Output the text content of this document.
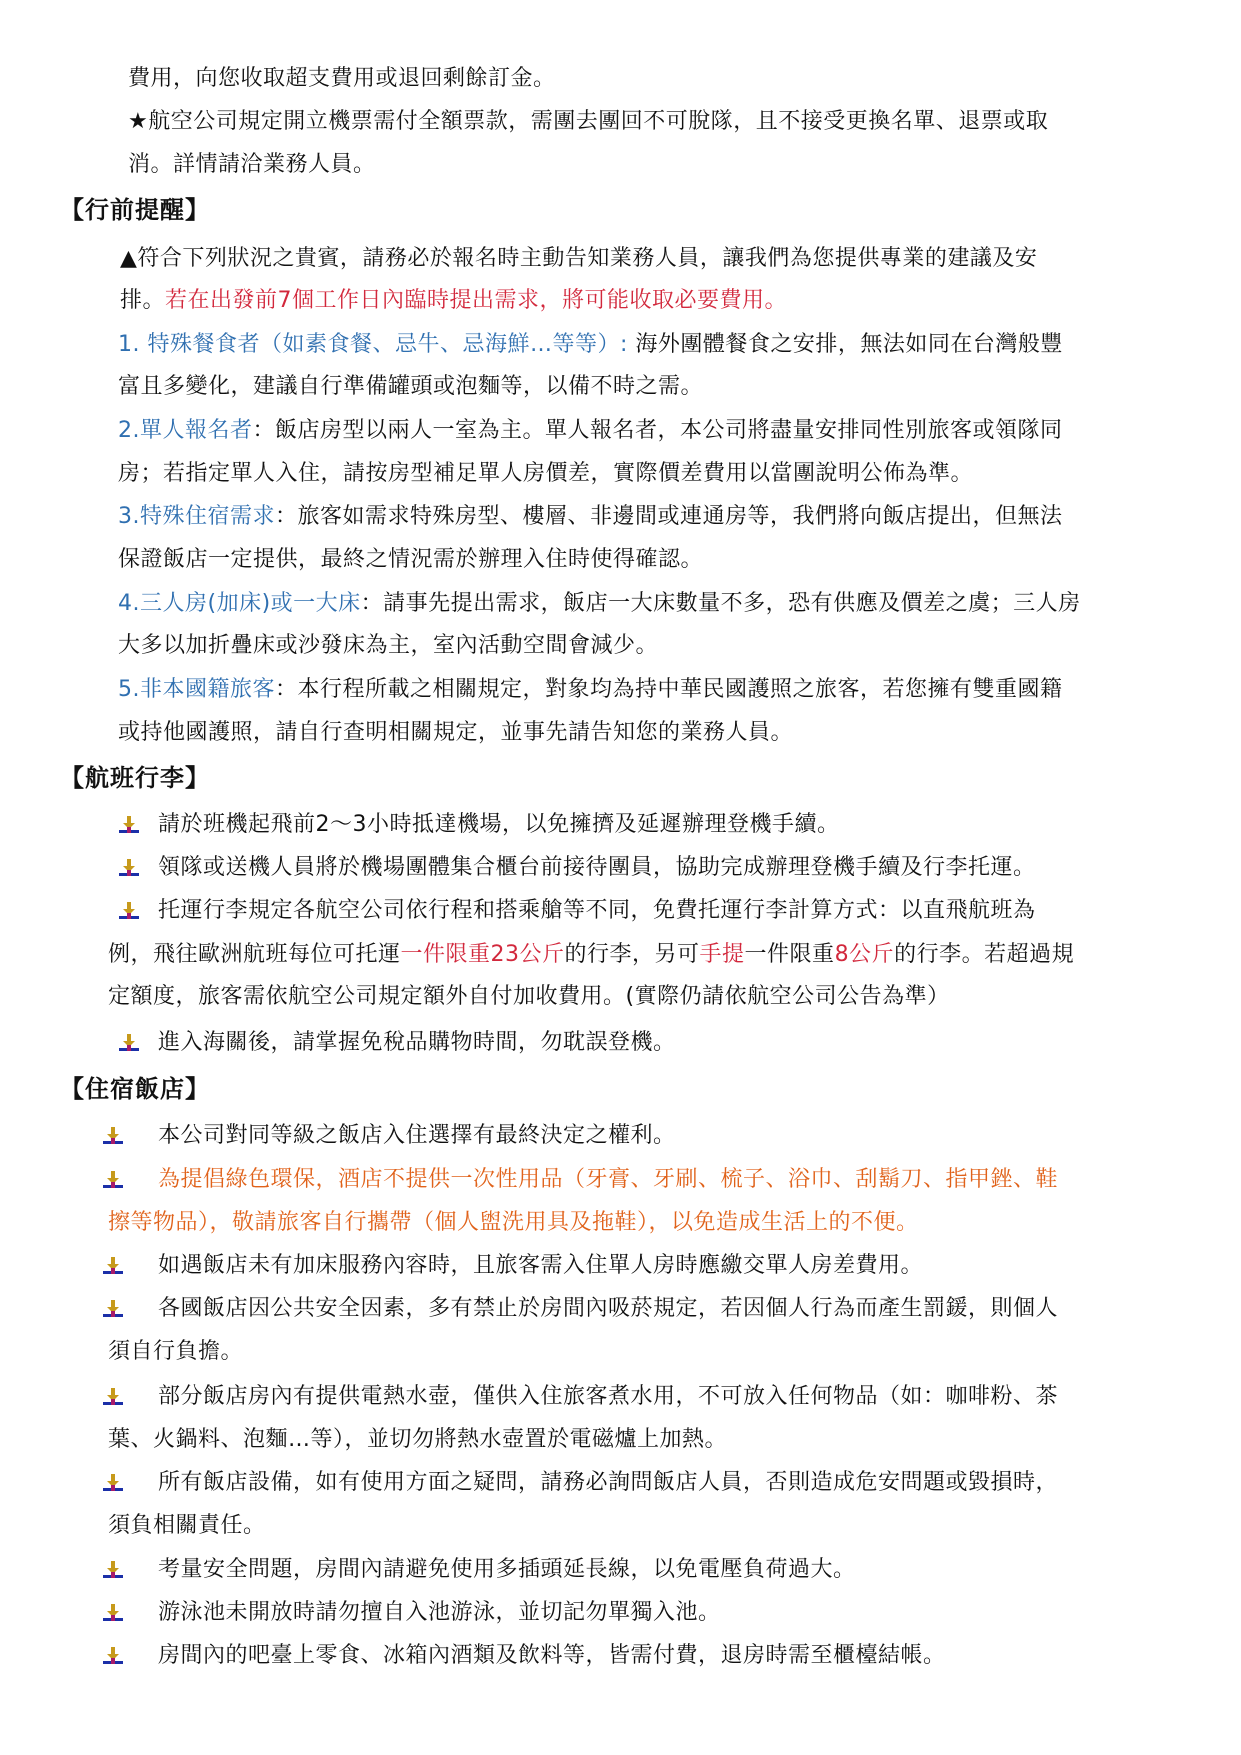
費用，向您收取超支費用或退回剩餘訂金。
★航空公司規定開立機票需付全額票款，需團去團回不可脫隊，且不接受更換名單、退票或取
消。詳情請洽業務人員。
【行前提醒】
▲符合下列狀況之貴賓，請務必於報名時主動告知業務人員，讓我們為您提供專業的建議及安
排。若在出發前7個工作日內臨時提出需求，將可能收取必要費用。
1. 特殊餐食者（如素食餐、忌牛、忌海鮮…等等）: 海外團體餐食之安排，無法如同在台灣般豐
富且多變化，建議自行準備罐頭或泡麵等，以備不時之需。
2.單人報名者：飯店房型以兩人一室為主。單人報名者，本公司將盡量安排同性別旅客或領隊同
房；若指定單人入住，請按房型補足單人房價差，實際價差費用以當團說明公佈為準。
3.特殊住宿需求：旅客如需求特殊房型、樓層、非邊間或連通房等，我們將向飯店提出，但無法
保證飯店一定提供，最終之情況需於辦理入住時使得確認。
4.三人房(加床)或一大床：請事先提出需求，飯店一大床數量不多，恐有供應及價差之虞；三人房
大多以加折疊床或沙發床為主，室內活動空間會減少。
5.非本國籍旅客：本行程所載之相關規定，對象均為持中華民國護照之旅客，若您擁有雙重國籍
或持他國護照，請自行查明相關規定，並事先請告知您的業務人員。
【航班行李】
請於班機起飛前2～3小時抵達機場，以免擁擠及延遲辦理登機手續。
領隊或送機人員將於機場團體集合櫃台前接待團員，協助完成辦理登機手續及行李托運。
托運行李規定各航空公司依行程和搭乘艙等不同，免費托運行李計算方式：以直飛航班為
例，飛往歐洲航班每位可托運一件限重23公斤的行李，另可手提一件限重8公斤的行李。若超過規
定額度，旅客需依航空公司規定額外自付加收費用。(實際仍請依航空公司公告為準）
進入海關後，請掌握免稅品購物時間，勿耽誤登機。
【住宿飯店】
本公司對同等級之飯店入住選擇有最終決定之權利。
為提倡綠色環保，酒店不提供一次性用品（牙膏、牙刷、梳子、浴巾、刮鬍刀、指甲銼、鞋
擦等物品），敬請旅客自行攜帶（個人盥洗用具及拖鞋），以免造成生活上的不便。
如遇飯店未有加床服務內容時，且旅客需入住單人房時應繳交單人房差費用。
各國飯店因公共安全因素，多有禁止於房間內吸菸規定，若因個人行為而產生罰鍰，則個人
須自行負擔。
部分飯店房內有提供電熱水壺，僅供入住旅客煮水用，不可放入任何物品（如：咖啡粉、茶
葉、火鍋料、泡麵…等），並切勿將熱水壺置於電磁爐上加熱。
所有飯店設備，如有使用方面之疑問，請務必詢問飯店人員，否則造成危安問題或毀損時，
須負相關責任。
考量安全問題，房間內請避免使用多插頭延長線，以免電壓負荷過大。
游泳池未開放時請勿擅自入池游泳，並切記勿單獨入池。
房間內的吧臺上零食、冰箱內酒類及飲料等，皆需付費，退房時需至櫃檯結帳。
